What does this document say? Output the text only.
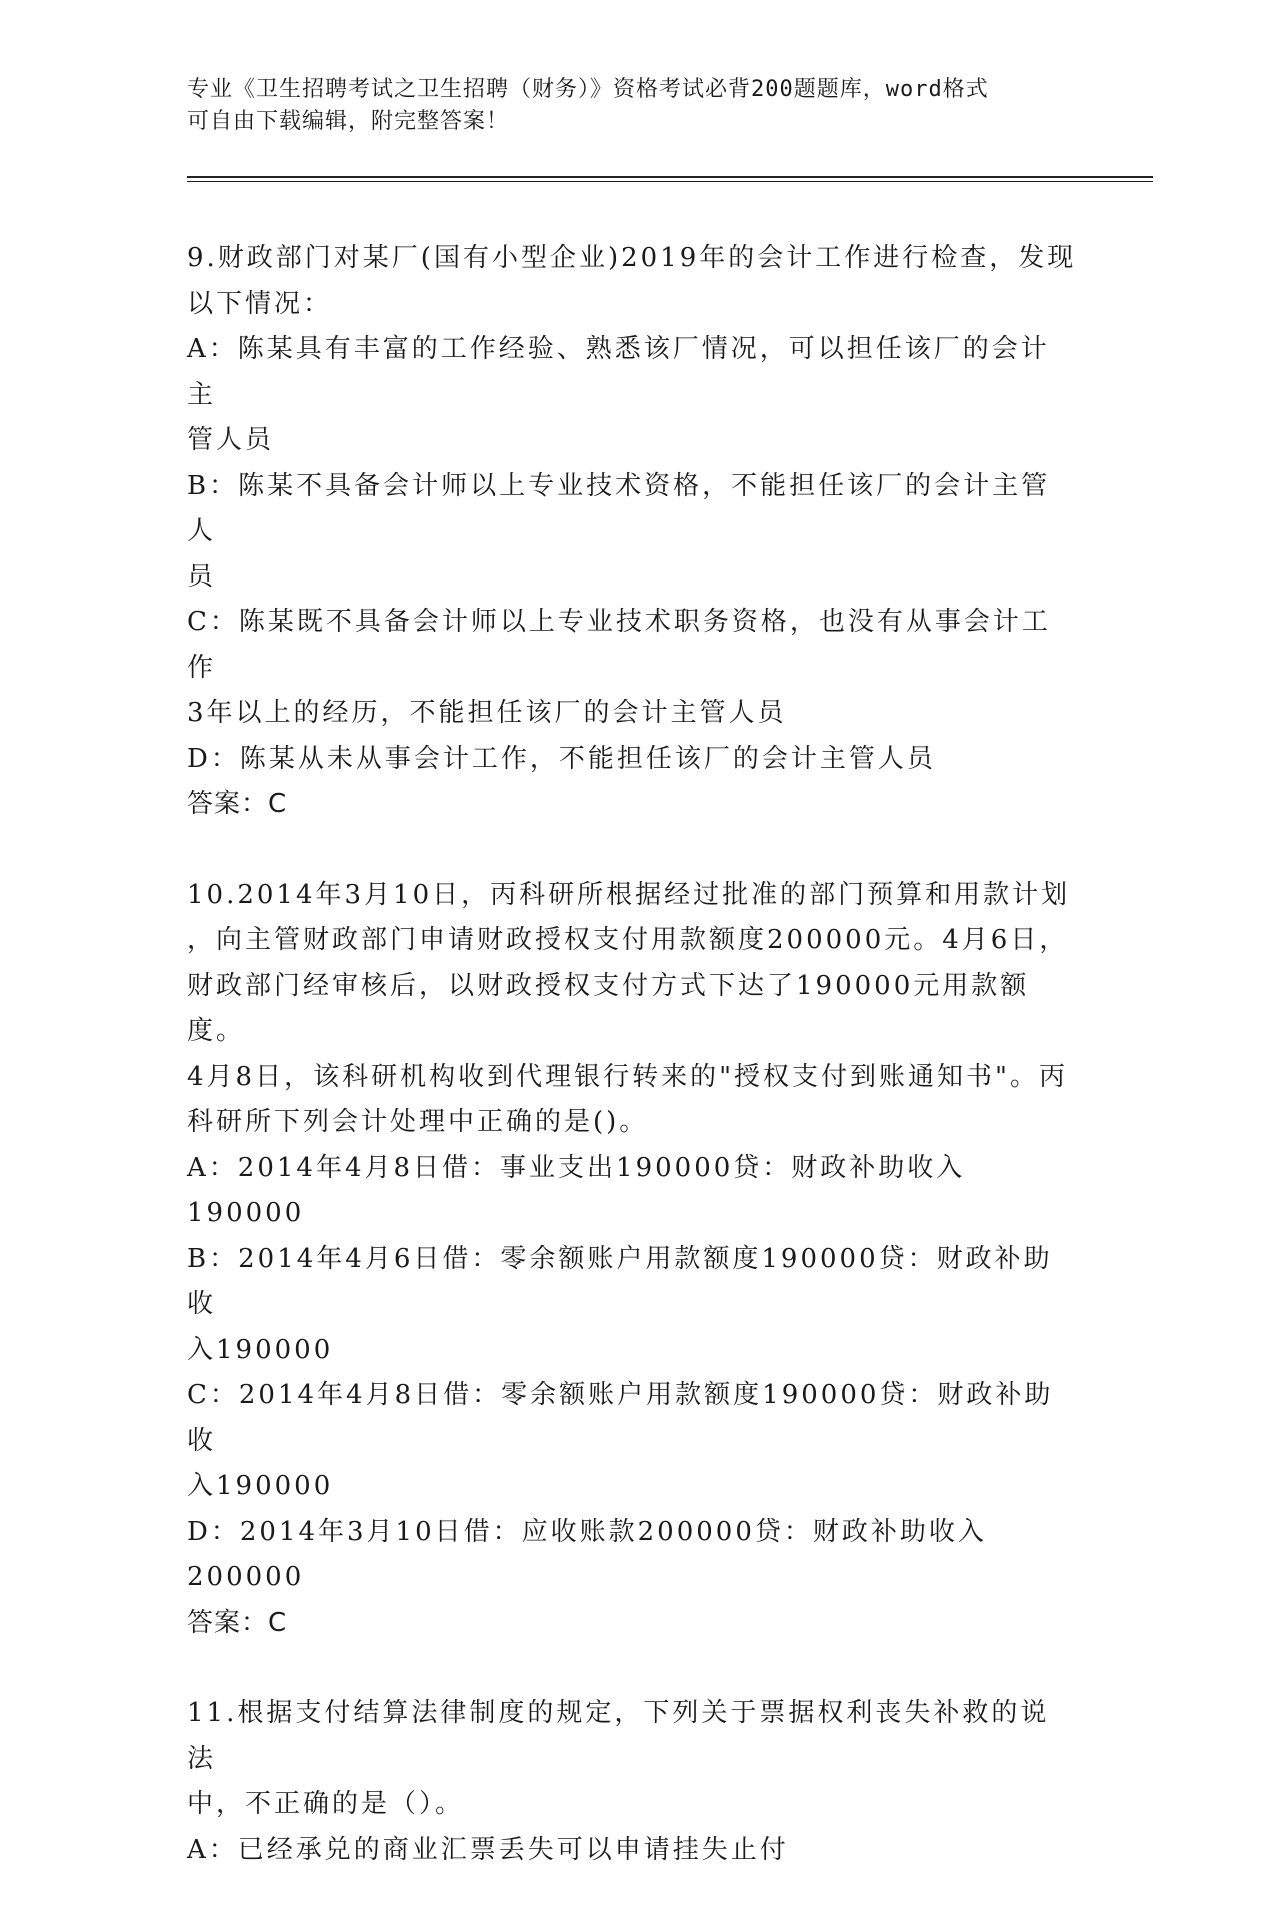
专业《卫生招聘考试之卫生招聘（财务）》资格考试必背200题题库，word格式
可自由下载编辑，附完整答案！
9.财政部门对某厂(国有小型企业)2019年的会计工作进行检查，发现
以下情况：
A：陈某具有丰富的工作经验、熟悉该厂情况，可以担任该厂的会计主
管人员
B：陈某不具备会计师以上专业技术资格，不能担任该厂的会计主管人
员
C：陈某既不具备会计师以上专业技术职务资格，也没有从事会计工作
3年以上的经历，不能担任该厂的会计主管人员
D：陈某从未从事会计工作，不能担任该厂的会计主管人员
答案：C
10.2014年3月10日，丙科研所根据经过批准的部门预算和用款计划
，向主管财政部门申请财政授权支付用款额度200000元。4月6日，
财政部门经审核后，以财政授权支付方式下达了190000元用款额度。
4月8日，该科研机构收到代理银行转来的"授权支付到账通知书"。丙
科研所下列会计处理中正确的是()。
A：2014年4月8日借：事业支出190000贷：财政补助收入190000
B：2014年4月6日借：零余额账户用款额度190000贷：财政补助收
入190000
C：2014年4月8日借：零余额账户用款额度190000贷：财政补助收
入190000
D：2014年3月10日借：应收账款200000贷：财政补助收入200000
答案：C
11.根据支付结算法律制度的规定，下列关于票据权利丧失补救的说法
中，不正确的是（）。
A：已经承兑的商业汇票丢失可以申请挂失止付
